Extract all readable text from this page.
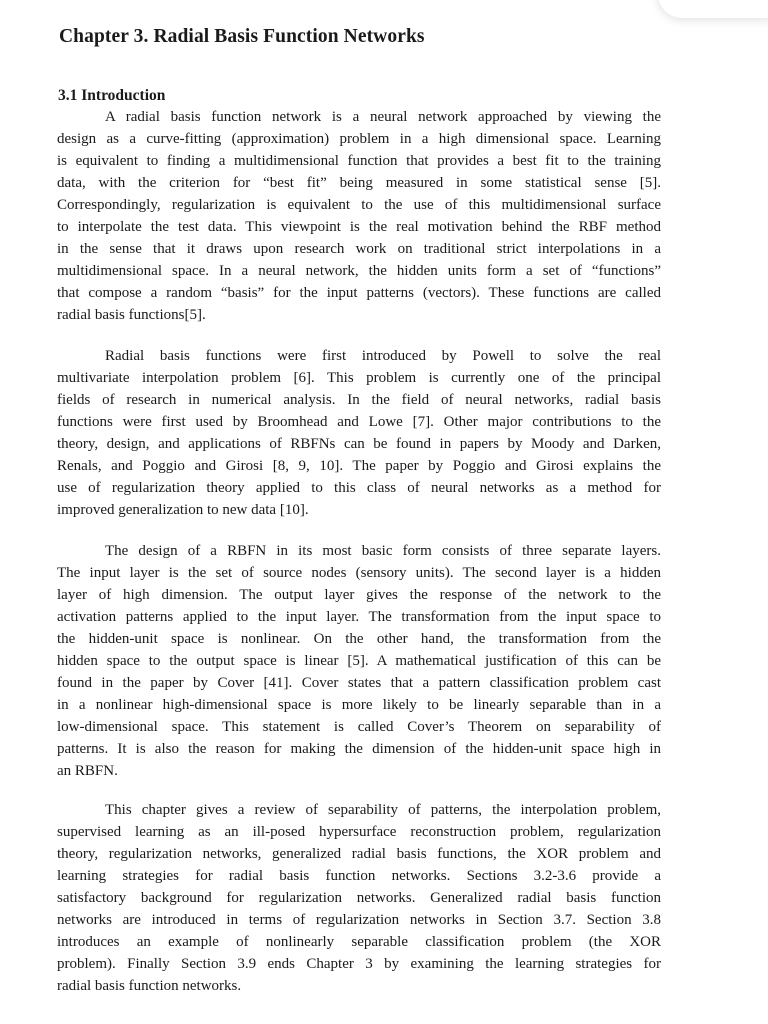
Chapter 3. Radial Basis Function Networks
3.1 Introduction
A radial basis function network is a neural network approached by viewing the
design as a curve-fitting (approximation) problem in a high dimensional space. Learning
is equivalent to finding a multidimensional function that provides a best fit to the training
data, with the criterion for “best fit” being measured in some statistical sense [5].
Correspondingly, regularization is equivalent to the use of this multidimensional surface
to interpolate the test data. This viewpoint is the real motivation behind the RBF method
in the sense that it draws upon research work on traditional strict interpolations in a
multidimensional space. In a neural network, the hidden units form a set of “functions”
that compose a random “basis” for the input patterns (vectors). These functions are called
radial basis functions[5].
Radial basis functions were first introduced by Powell to solve the real
multivariate interpolation problem [6]. This problem is currently one of the principal
fields of research in numerical analysis. In the field of neural networks, radial basis
functions were first used by Broomhead and Lowe [7]. Other major contributions to the
theory, design, and applications of RBFNs can be found in papers by Moody and Darken,
Renals, and Poggio and Girosi [8, 9, 10]. The paper by Poggio and Girosi explains the
use of regularization theory applied to this class of neural networks as a method for
improved generalization to new data [10].
The design of a RBFN in its most basic form consists of three separate layers.
The input layer is the set of source nodes (sensory units). The second layer is a hidden
layer of high dimension. The output layer gives the response of the network to the
activation patterns applied to the input layer. The transformation from the input space to
the hidden-unit space is nonlinear. On the other hand, the transformation from the
hidden space to the output space is linear [5]. A mathematical justification of this can be
found in the paper by Cover [41]. Cover states that a pattern classification problem cast
in a nonlinear high-dimensional space is more likely to be linearly separable than in a
low-dimensional space. This statement is called Cover’s Theorem on separability of
patterns. It is also the reason for making the dimension of the hidden-unit space high in
an RBFN.
This chapter gives a review of separability of patterns, the interpolation problem,
supervised learning as an ill-posed hypersurface reconstruction problem, regularization
theory, regularization networks, generalized radial basis functions, the XOR problem and
learning strategies for radial basis function networks. Sections 3.2-3.6 provide a
satisfactory background for regularization networks. Generalized radial basis function
networks are introduced in terms of regularization networks in Section 3.7. Section 3.8
introduces an example of nonlinearly separable classification problem (the XOR
problem). Finally Section 3.9 ends Chapter 3 by examining the learning strategies for
radial basis function networks.
